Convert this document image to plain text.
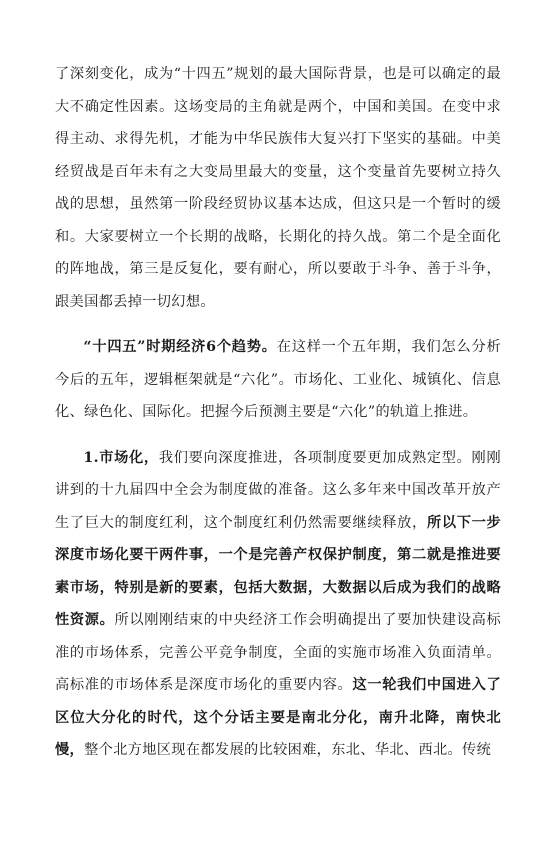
了深刻变化，成为“十四五”规划的最大国际背景，也是可以确定的最大不确定性因素。这场变局的主角就是两个，中国和美国。在变中求得主动、求得先机，才能为中华民族伟大复兴打下坚实的基础。中美经贸战是百年未有之大变局里最大的变量，这个变量首先要树立持久战的思想，虽然第一阶段经贸协议基本达成，但这只是一个暂时的缓和。大家要树立一个长期的战略，长期化的持久战。第二个是全面化的阵地战，第三是反复化，要有耐心，所以要敢于斗争、善于斗争，跟美国都丢掉一切幻想。

“十四五”时期经济6个趋势。在这样一个五年期，我们怎么分析今后的五年，逻辑框架就是“六化”。市场化、工业化、城镇化、信息化、绿色化、国际化。把握今后预测主要是“六化”的轨道上推进。

1.市场化，我们要向深度推进，各项制度要更加成熟定型。刚刚讲到的十九届四中全会为制度做的准备。这么多年来中国改革开放产生了巨大的制度红利，这个制度红利仍然需要继续释放，所以下一步深度市场化要干两件事，一个是完善产权保护制度，第二就是推进要素市场，特别是新的要素，包括大数据，大数据以后成为我们的战略性资源。所以刚刚结束的中央经济工作会明确提出了要加快建设高标准的市场体系，完善公平竞争制度，全面的实施市场准入负面清单。高标准的市场体系是深度市场化的重要内容。这一轮我们中国进入了区位大分化的时代，这个分话主要是南北分化，南升北降，南快北慢，整个北方地区现在都发展的比较困难，东北、华北、西北。传统
